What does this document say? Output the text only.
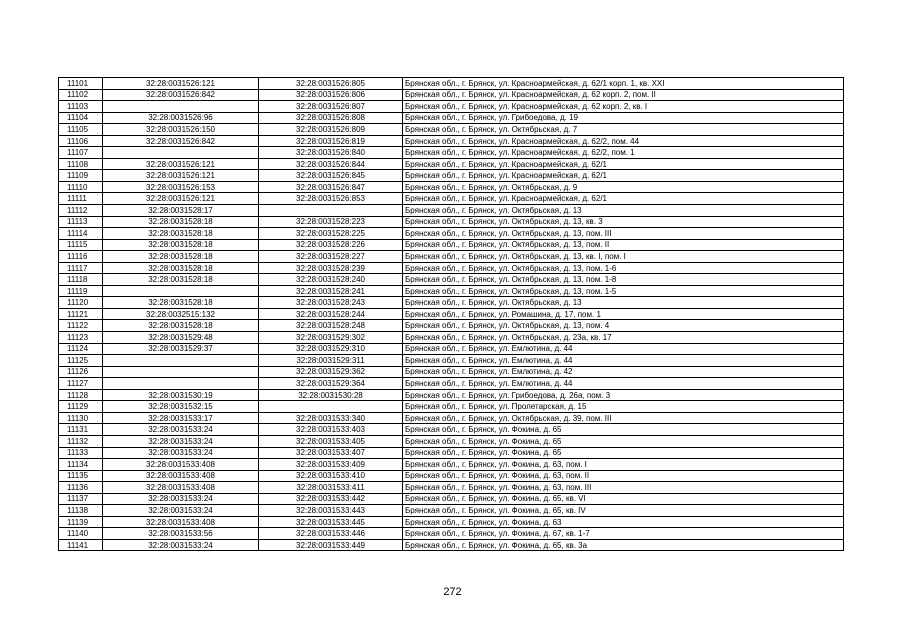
11101	32:28:0031526:121	32:28:0031526:805	Брянская обл., г. Брянск, ул. Красноармейская, д. 62/1 корп. 1, кв. XXI
11102	32:28:0031526:842	32:28:0031526:806	Брянская обл., г. Брянск, ул. Красноармейская, д. 62 корп. 2, пом. II
11103		32:28:0031526:807	Брянская обл., г. Брянск, ул. Красноармейская, д. 62 корп. 2, кв. I
11104	32:28:0031526:96	32:28:0031526:808	Брянская обл., г. Брянск, ул. Грибоедова, д. 19
11105	32:28:0031526:150	32:28:0031526:809	Брянская обл., г. Брянск, ул. Октябрьская, д. 7
11106	32:28:0031526:842	32:28:0031526:819	Брянская обл., г. Брянск, ул. Красноармейская, д. 62/2, пом. 44
11107		32:28:0031526:840	Брянская обл., г. Брянск, ул. Красноармейская, д. 62/2, пом. 1
11108	32:28:0031526:121	32:28:0031526:844	Брянская обл., г. Брянск, ул. Красноармейская, д. 62/1
11109	32:28:0031526:121	32:28:0031526:845	Брянская обл., г. Брянск, ул. Красноармейская, д. 62/1
11110	32:28:0031526:153	32:28:0031526:847	Брянская обл., г. Брянск, ул. Октябрьская, д. 9
11111	32:28:0031526:121	32:28:0031526:853	Брянская обл., г. Брянск, ул. Красноармейская, д. 62/1
11112	32:28:0031528:17		Брянская обл., г. Брянск, ул. Октябрьская, д. 13
11113	32:28:0031528:18	32:28:0031528:223	Брянская обл., г. Брянск, ул. Октябрьская, д. 13, кв. 3
11114	32:28:0031528:18	32:28:0031528:225	Брянская обл., г. Брянск, ул. Октябрьская, д. 13, пом. III
11115	32:28:0031528:18	32:28:0031528:226	Брянская обл., г. Брянск, ул. Октябрьская, д. 13, пом. II
11116	32:28:0031528:18	32:28:0031528:227	Брянская обл., г. Брянск, ул. Октябрьская, д. 13, кв. I, пом. I
11117	32:28:0031528:18	32:28:0031528:239	Брянская обл., г. Брянск, ул. Октябрьская, д. 13, пом. 1-6
11118	32:28:0031528:18	32:28:0031528:240	Брянская обл., г. Брянск, ул. Октябрьская, д. 13, пом. 1-8
11119		32:28:0031528:241	Брянская обл., г. Брянск, ул. Октябрьская, д. 13, пом. 1-5
11120	32:28:0031528:18	32:28:0031528:243	Брянская обл., г. Брянск, ул. Октябрьская, д. 13
11121	32:28:0032515:132	32:28:0031528:244	Брянская обл., г. Брянск, ул. Ромашина, д. 17, пом. 1
11122	32:28:0031528:18	32:28:0031528:248	Брянская обл., г. Брянск, ул. Октябрьская, д. 13, пом. 4
11123	32:28:0031529:48	32:28:0031529:302	Брянская обл., г. Брянск, ул. Октябрьская, д. 23а, кв. 17
11124	32:28:0031529:37	32:28:0031529:310	Брянская обл., г. Брянск, ул. Емлютина, д. 44
11125		32:28:0031529:311	Брянская обл., г. Брянск, ул. Емлютина, д. 44
11126		32:28:0031529:362	Брянская обл., г. Брянск, ул. Емлютина, д. 42
11127		32:28:0031529:364	Брянская обл., г. Брянск, ул. Емлютина, д. 44
11128	32:28:0031530:19	32:28:0031530:28	Брянская обл., г. Брянск, ул. Грибоедова, д. 26а, пом. 3
11129	32:28:0031532:15		Брянская обл., г. Брянск, ул. Пролетарская, д. 15
11130	32:28:0031533:17	32:28:0031533:340	Брянская обл., г. Брянск, ул. Октябрьская, д. 39, пом. III
11131	32:28:0031533:24	32:28:0031533:403	Брянская обл., г. Брянск, ул. Фокина, д. 65
11132	32:28:0031533:24	32:28:0031533:405	Брянская обл., г. Брянск, ул. Фокина, д. 65
11133	32:28:0031533:24	32:28:0031533:407	Брянская обл., г. Брянск, ул. Фокина, д. 65
11134	32:28:0031533:408	32:28:0031533:409	Брянская обл., г. Брянск, ул. Фокина, д. 63, пом. I
11135	32:28:0031533:408	32:28:0031533:410	Брянская обл., г. Брянск, ул. Фокина, д. 63, пом. II
11136	32:28:0031533:408	32:28:0031533:411	Брянская обл., г. Брянск, ул. Фокина, д. 63, пом. III
11137	32:28:0031533:24	32:28:0031533:442	Брянская обл., г. Брянск, ул. Фокина, д. 65, кв. VI
11138	32:28:0031533:24	32:28:0031533:443	Брянская обл., г. Брянск, ул. Фокина, д. 65, кв. IV
11139	32:28:0031533:408	32:28:0031533:445	Брянская обл., г. Брянск, ул. Фокина, д. 63
11140	32:28:0031533:56	32:28:0031533:446	Брянская обл., г. Брянск, ул. Фокина, д. 67, кв. 1-7
11141	32:28:0031533:24	32:28:0031533:449	Брянская обл., г. Брянск, ул. Фокина, д. 65, кв. 3а
272
